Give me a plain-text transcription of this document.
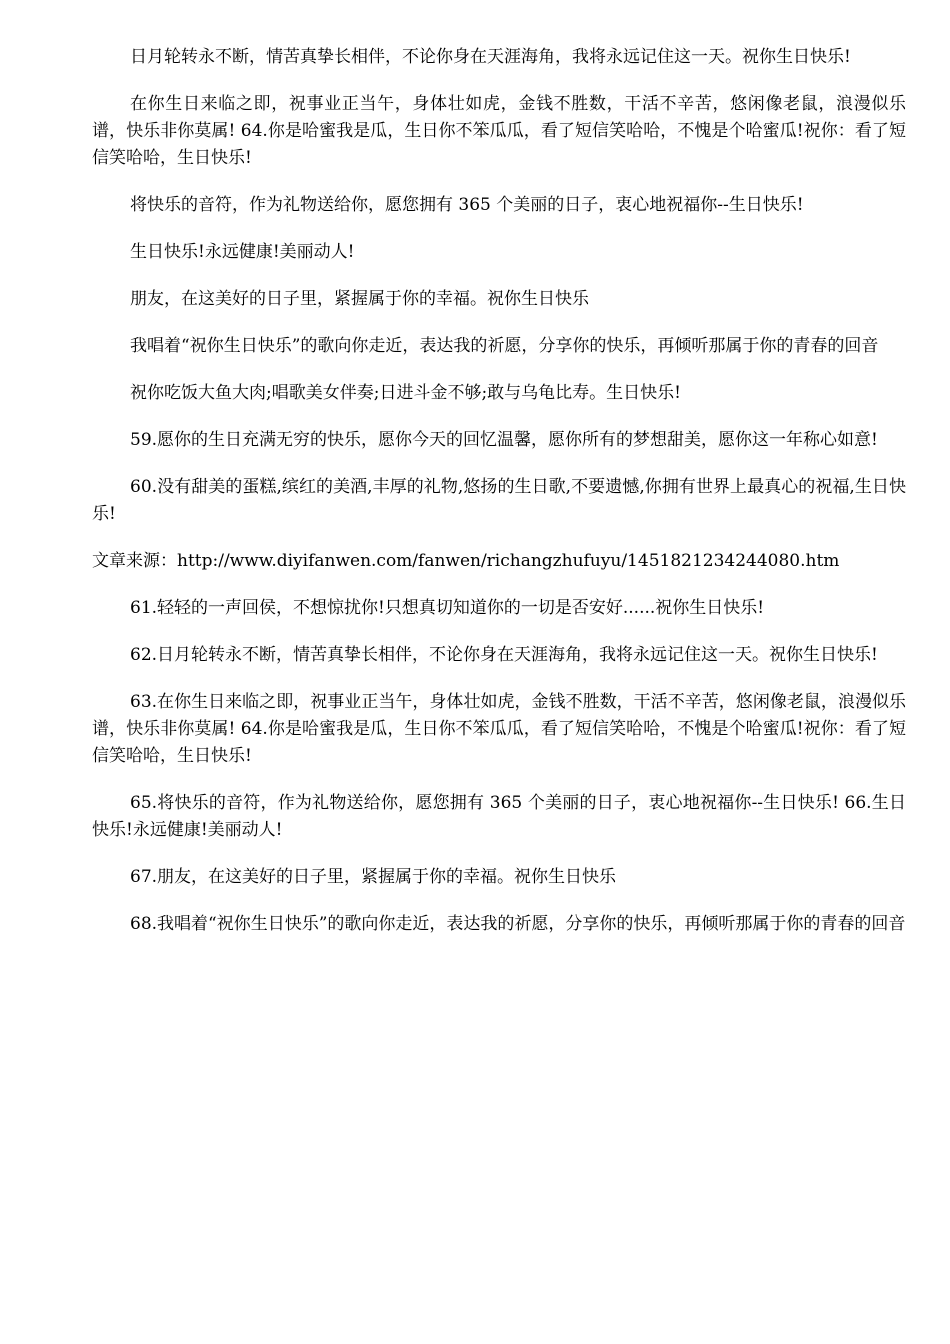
日月轮转永不断，情苦真挚长相伴，不论你身在天涯海角，我将永远记住这一天。祝你生日快乐!

在你生日来临之即，祝事业正当午，身体壮如虎，金钱不胜数，干活不辛苦，悠闲像老鼠，浪漫似乐谱，快乐非你莫属! 64.你是哈蜜我是瓜，生日你不笨瓜瓜，看了短信笑哈哈，不愧是个哈蜜瓜!祝你：看了短信笑哈哈，生日快乐!

将快乐的音符，作为礼物送给你，愿您拥有 365 个美丽的日子，衷心地祝福你--生日快乐!

生日快乐!永远健康!美丽动人!

朋友，在这美好的日子里，紧握属于你的幸福。祝你生日快乐

我唱着“祝你生日快乐”的歌向你走近，表达我的祈愿，分享你的快乐，再倾听那属于你的青春的回音

祝你吃饭大鱼大肉;唱歌美女伴奏;日进斗金不够;敢与乌龟比寿。生日快乐!

59.愿你的生日充满无穷的快乐，愿你今天的回忆温馨，愿你所有的梦想甜美，愿你这一年称心如意!

60.没有甜美的蛋糕,缤红的美酒,丰厚的礼物,悠扬的生日歌,不要遗憾,你拥有世界上最真心的祝福,生日快乐!

文章来源：http://www.diyifanwen.com/fanwen/richangzhufuyu/1451821234244080.htm

61.轻轻的一声回侯，不想惊扰你!只想真切知道你的一切是否安好......祝你生日快乐!

62.日月轮转永不断，情苦真挚长相伴，不论你身在天涯海角，我将永远记住这一天。祝你生日快乐!

63.在你生日来临之即，祝事业正当午，身体壮如虎，金钱不胜数，干活不辛苦，悠闲像老鼠，浪漫似乐谱，快乐非你莫属! 64.你是哈蜜我是瓜，生日你不笨瓜瓜，看了短信笑哈哈，不愧是个哈蜜瓜!祝你：看了短信笑哈哈，生日快乐!

65.将快乐的音符，作为礼物送给你，愿您拥有 365 个美丽的日子，衷心地祝福你--生日快乐! 66.生日快乐!永远健康!美丽动人!

67.朋友，在这美好的日子里，紧握属于你的幸福。祝你生日快乐

68.我唱着“祝你生日快乐”的歌向你走近，表达我的祈愿，分享你的快乐，再倾听那属于你的青春的回音
